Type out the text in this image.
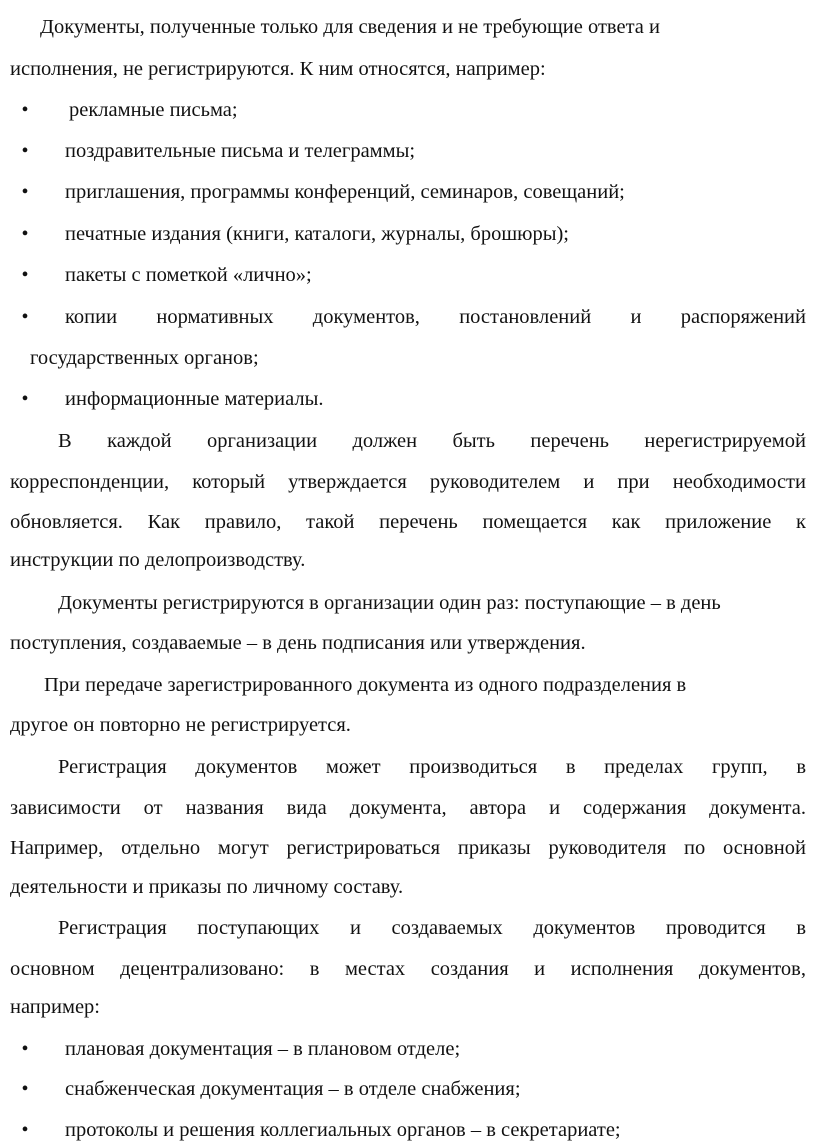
Документы, полученные только для сведения и не требующие ответа и
исполнения, не регистрируются. К ним относятся, например:
•	рекламные письма;
•	поздравительные письма и телеграммы;
•	приглашения, программы конференций, семинаров, совещаний;
•	печатные издания (книги, каталоги, журналы, брошюры);
•	пакеты с пометкой «лично»;
•	копии нормативных документов, постановлений и распоряжений
государственных органов;
•	информационные материалы.
В каждой организации должен быть перечень нерегистрируемой
корреспонденции, который утверждается руководителем и при необходимости
обновляется. Как правило, такой перечень помещается как приложение к
инструкции по делопроизводству.
Документы регистрируются в организации один раз: поступающие – в день
поступления, создаваемые – в день подписания или утверждения.
При передаче зарегистрированного документа из одного подразделения в
другое он повторно не регистрируется.
Регистрация документов может производиться в пределах групп, в
зависимости от названия вида документа, автора и содержания документа.
Например, отдельно могут регистрироваться приказы руководителя по основной
деятельности и приказы по личному составу.
Регистрация поступающих и создаваемых документов проводится в
основном децентрализовано: в местах создания и исполнения документов,
например:
•	плановая документация – в плановом отделе;
•	снабженческая документация – в отделе снабжения;
•	протоколы и решения коллегиальных органов – в секретариате;
